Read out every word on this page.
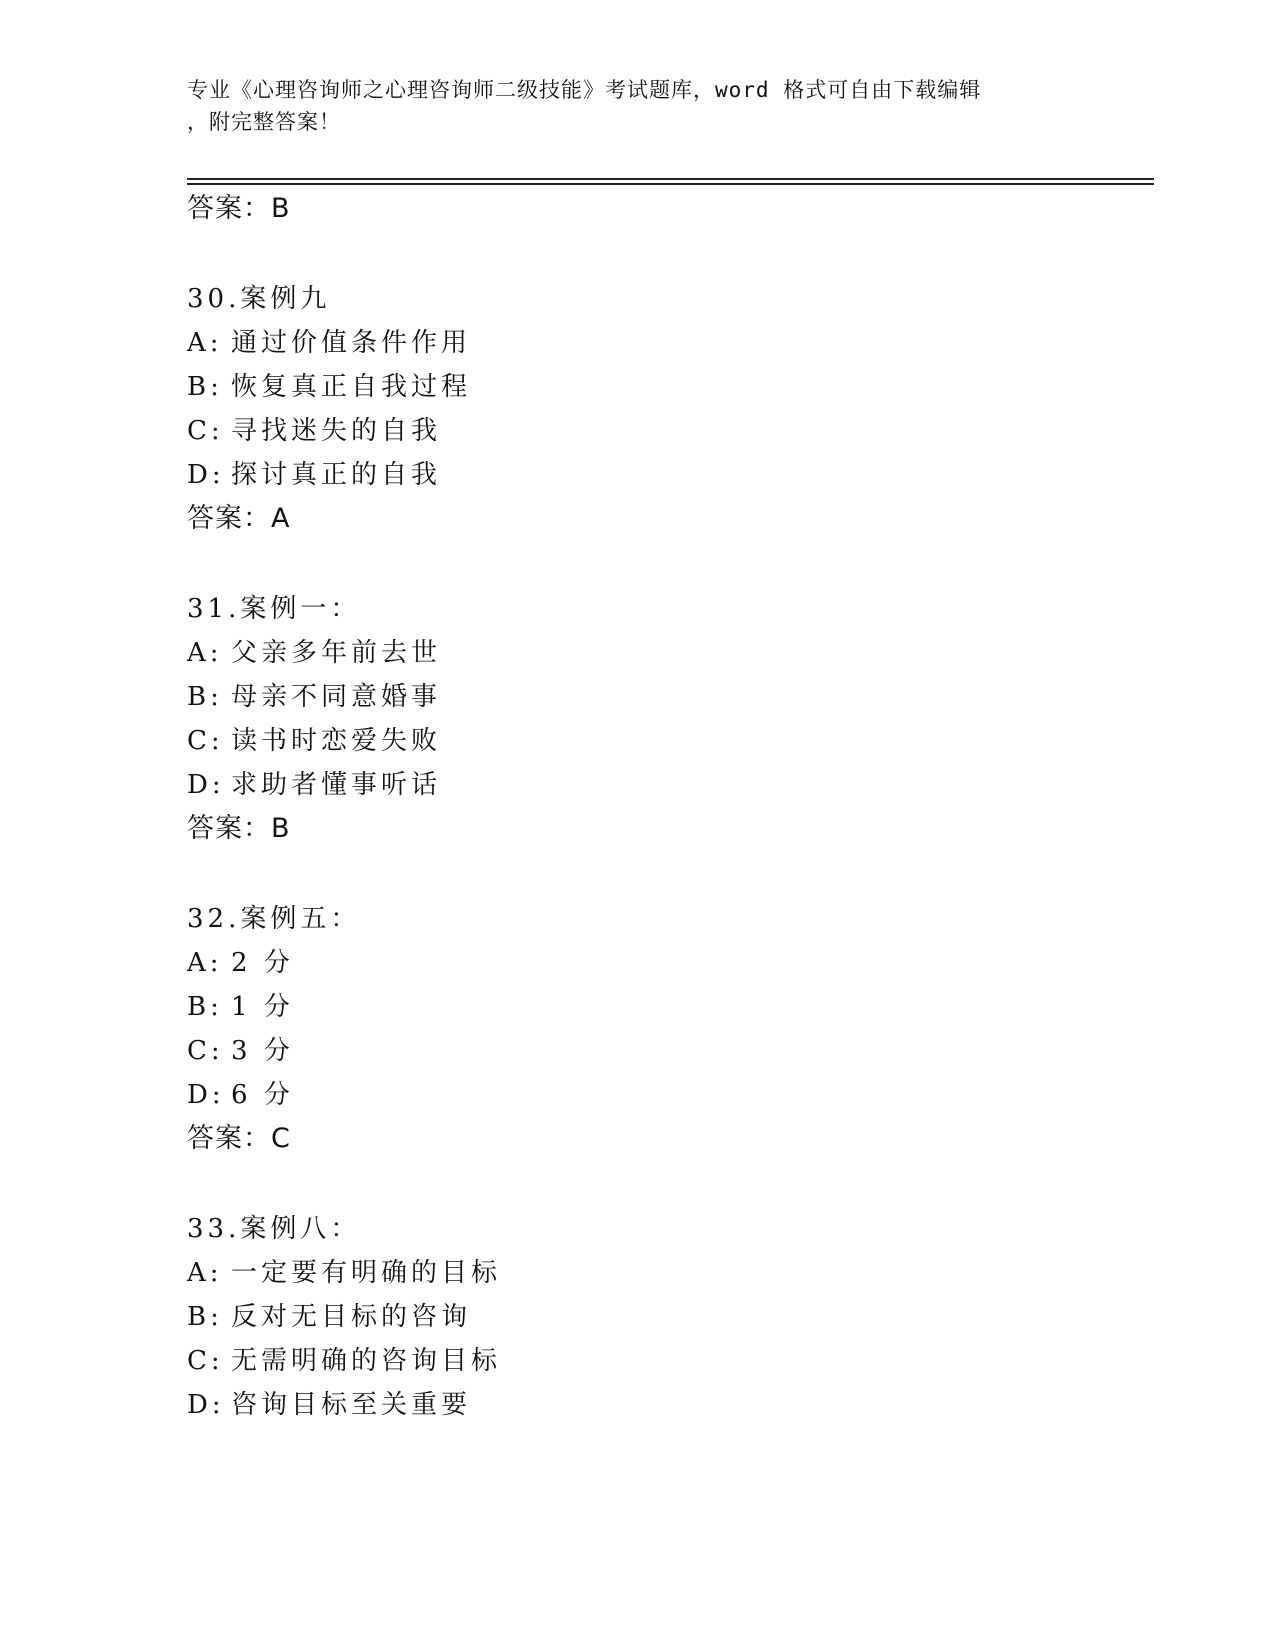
专业《心理咨询师之心理咨询师二级技能》考试题库，word 格式可自由下载编辑
，附完整答案！
答案：B
30.案例九
A: 通过价值条件作用
B: 恢复真正自我过程
C: 寻找迷失的自我
D: 探讨真正的自我
答案：A
31.案例一：
A: 父亲多年前去世
B: 母亲不同意婚事
C: 读书时恋爱失败
D: 求助者懂事听话
答案：B
32.案例五：
A: 2 分
B: 1 分
C: 3 分
D: 6 分
答案：C
33.案例八：
A: 一定要有明确的目标
B: 反对无目标的咨询
C: 无需明确的咨询目标
D: 咨询目标至关重要
